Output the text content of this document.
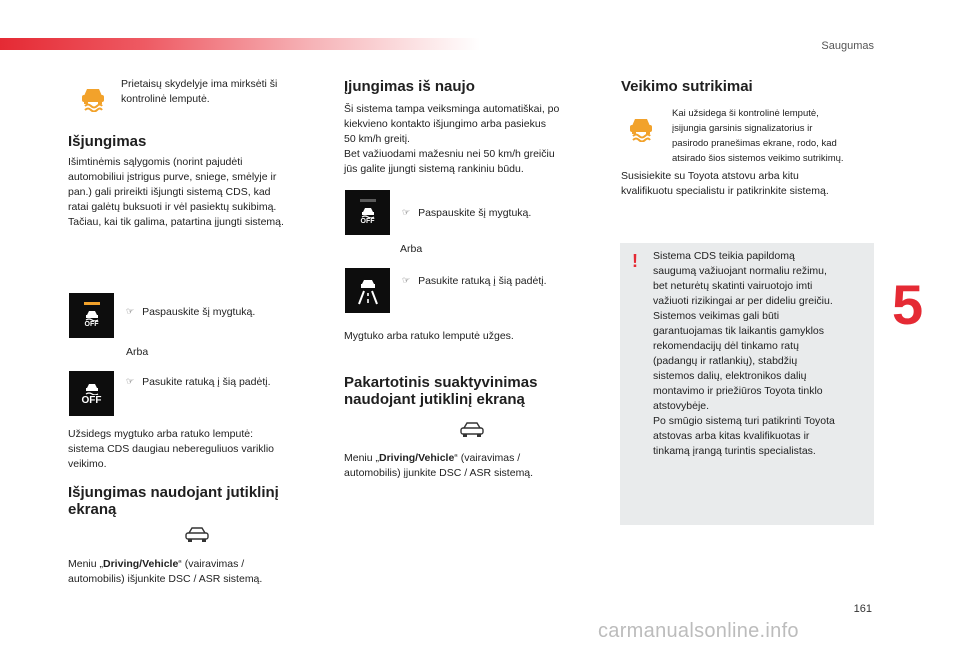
Saugumas
Prietaisų skydelyje ima mirksėti ši
kontrolinė lemputė.
Išjungimas
Išimtinėmis sąlygomis (norint pajudėti
automobiliui įstrigus purve, sniege, smėlyje ir
pan.) gali prireikti išjungti sistemą CDS, kad
ratai galėtų buksuoti ir vėl pasiektų sukibimą.
Tačiau, kai tik galima, patartina įjungti sistemą.
OFF
☞ Paspauskite šį mygtuką.
Arba
OFF
☞ Pasukite ratuką į šią padėtį.
Užsidegs mygtuko arba ratuko lemputė:
sistema CDS daugiau nebereguliuos variklio
veikimo.
Išjungimas naudojant jutiklinį
ekraną
Meniu „Driving/Vehicle“ (vairavimas /
automobilis) išjunkite DSC / ASR sistemą.
Įjungimas iš naujo
Ši sistema tampa veiksminga automatiškai, po
kiekvieno kontakto išjungimo arba pasiekus
50 km/h greitį.
Bet važiuodami mažesniu nei 50 km/h greičiu
jūs galite įjungti sistemą rankiniu būdu.
OFF
☞ Paspauskite šį mygtuką.
Arba
☞ Pasukite ratuką į šią padėtį.
Mygtuko arba ratuko lemputė užges.
Pakartotinis suaktyvinimas
naudojant jutiklinį ekraną
Meniu „Driving/Vehicle“ (vairavimas /
automobilis) įjunkite DSC / ASR sistemą.
Veikimo sutrikimai
Kai užsidega ši kontrolinė lemputė,
įsijungia garsinis signalizatorius ir
pasirodo pranešimas ekrane, rodo, kad
atsirado šios sistemos veikimo sutrikimų.
Susisiekite su Toyota atstovu arba kitu
kvalifikuotu specialistu ir patikrinkite sistemą.
! Sistema CDS teikia papildomą
saugumą važiuojant normaliu režimu,
bet neturėtų skatinti vairuotojo imti
važiuoti rizikingai ar per dideliu greičiu.
Sistemos veikimas gali būti
garantuojamas tik laikantis gamyklos
rekomendacijų dėl tinkamo ratų
(padangų ir ratlankių), stabdžių
sistemos dalių, elektronikos dalių
montavimo ir priežiūros Toyota tinklo
atstovybėje.
Po smūgio sistemą turi patikrinti Toyota
atstovas arba kitas kvalifikuotas ir
tinkamą įrangą turintis specialistas.
5
161
carmanualsonline.info
